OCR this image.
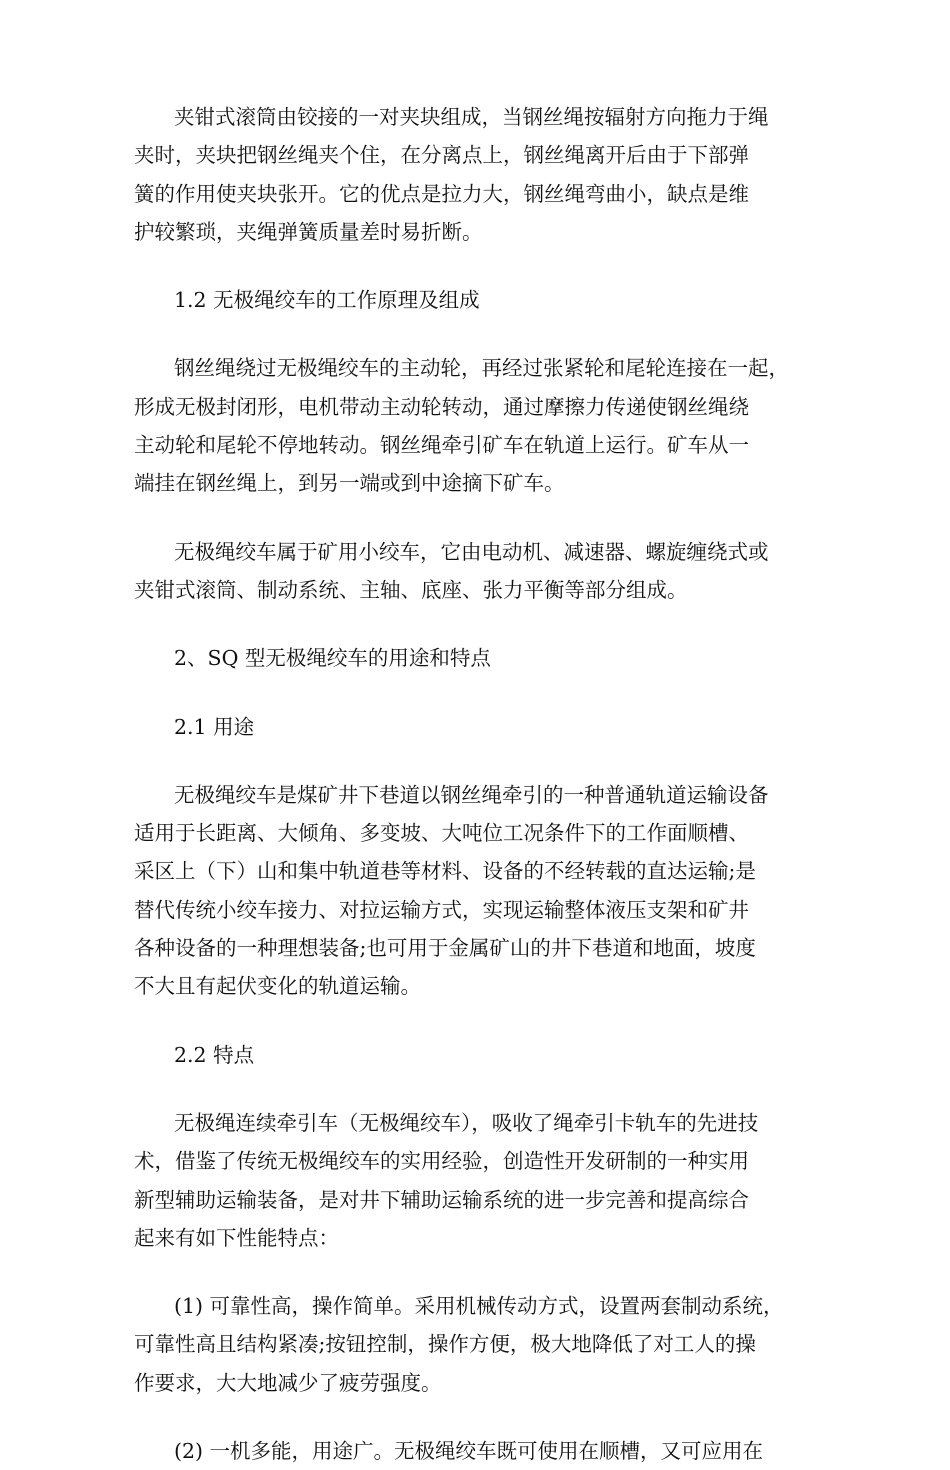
夹钳式滚筒由铰接的一对夹块组成，当钢丝绳按辐射方向拖力于绳
夹时，夹块把钢丝绳夹个住，在分离点上，钢丝绳离开后由于下部弹
簧的作用使夹块张开。它的优点是拉力大，钢丝绳弯曲小，缺点是维
护较繁琐，夹绳弹簧质量差时易折断。

1.2 无极绳绞车的工作原理及组成

钢丝绳绕过无极绳绞车的主动轮，再经过张紧轮和尾轮连接在一起，
形成无极封闭形，电机带动主动轮转动，通过摩擦力传递使钢丝绳绕
主动轮和尾轮不停地转动。钢丝绳牵引矿车在轨道上运行。矿车从一
端挂在钢丝绳上，到另一端或到中途摘下矿车。

无极绳绞车属于矿用小绞车，它由电动机、减速器、螺旋缠绕式或
夹钳式滚筒、制动系统、主轴、底座、张力平衡等部分组成。

2、SQ 型无极绳绞车的用途和特点

2.1 用途

无极绳绞车是煤矿井下巷道以钢丝绳牵引的一种普通轨道运输设备
适用于长距离、大倾角、多变坡、大吨位工况条件下的工作面顺槽、
采区上（下）山和集中轨道巷等材料、设备的不经转载的直达运输;是
替代传统小绞车接力、对拉运输方式，实现运输整体液压支架和矿井
各种设备的一种理想装备;也可用于金属矿山的井下巷道和地面，坡度
不大且有起伏变化的轨道运输。

2.2 特点

无极绳连续牵引车（无极绳绞车），吸收了绳牵引卡轨车的先进技
术，借鉴了传统无极绳绞车的实用经验，创造性开发研制的一种实用
新型辅助运输装备，是对井下辅助运输系统的进一步完善和提高综合
起来有如下性能特点：

(1) 可靠性高，操作简单。采用机械传动方式，设置两套制动系统，
可靠性高且结构紧凑;按钮控制，操作方便，极大地降低了对工人的操
作要求，大大地减少了疲劳强度。

(2) 一机多能，用途广。无极绳绞车既可使用在顺槽，又可应用在
